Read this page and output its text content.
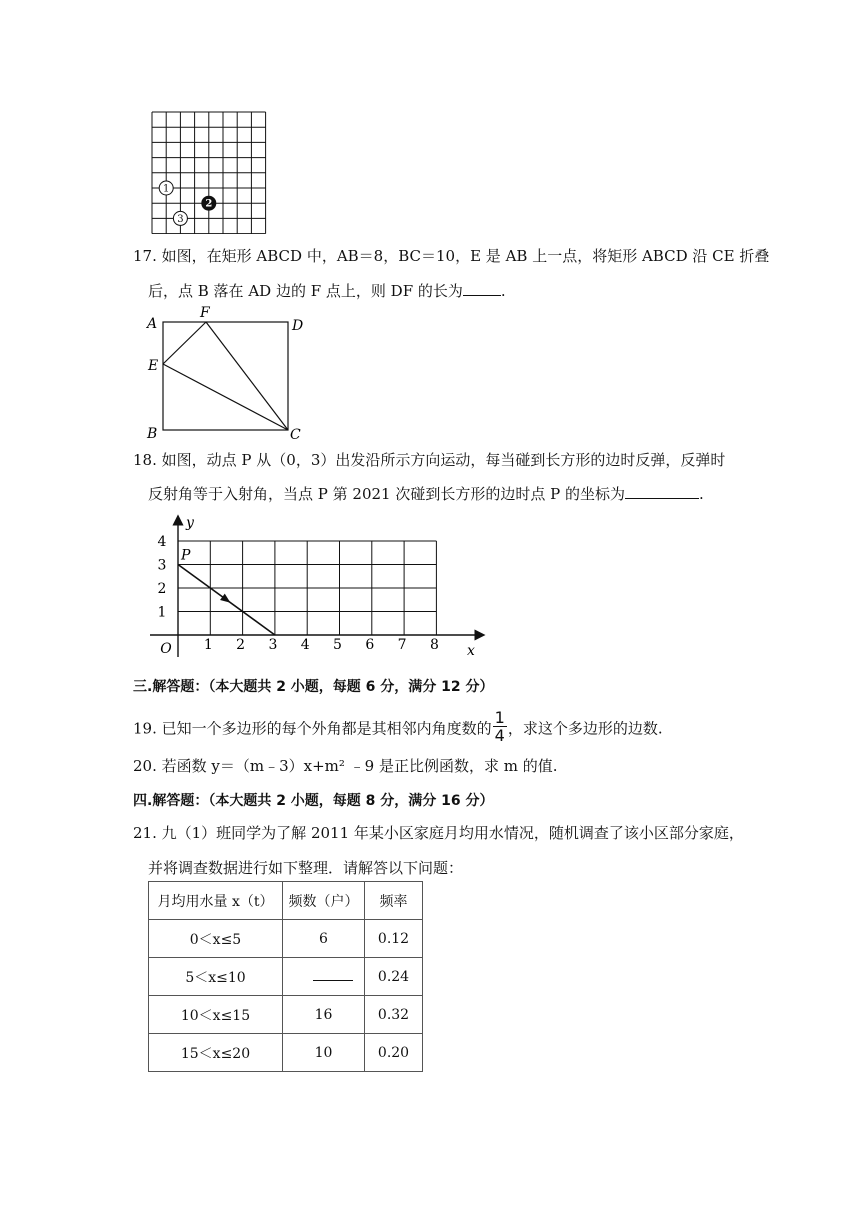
1
2
3
17. 如图，在矩形 ABCD 中，AB＝8，BC＝10，E 是 AB 上一点，将矩形 ABCD 沿 CE 折叠
后，点 B 落在 AD 边的 F 点上，则 DF 的长为	.
A
F
D
E
B	C
18. 如图，动点 P 从（0，3）出发沿所示方向运动，每当碰到长方形的边时反弹，反弹时
反射角等于入射角，当点 P 第 2021 次碰到长方形的边时点 P 的坐标为	.
1 2 3 4 5 6 7 8
1
2
3
4
O	x
y
P
三.解答题：（本大题共 2 小题，每题 6 分，满分 12 分）
19. 已知一个多边形的每个外角都是其相邻内角度数的 $\frac{1}{4}$ ，求这个多边形的边数.
20. 若函数 y＝（m﹣3）x+m² ﹣9 是正比例函数，求 m 的值.
四.解答题：（本大题共 2 小题，每题 8 分，满分 16 分）
21. 九（1）班同学为了解 2011 年某小区家庭月均用水情况，随机调查了该小区部分家庭，
并将调查数据进行如下整理．请解答以下问题：
月均用水量 x（t）	频数（户）	频率
0＜x≤5	6	0.12
5＜x≤10		0.24
10＜x≤15	16	0.32
15＜x≤20	10	0.20
